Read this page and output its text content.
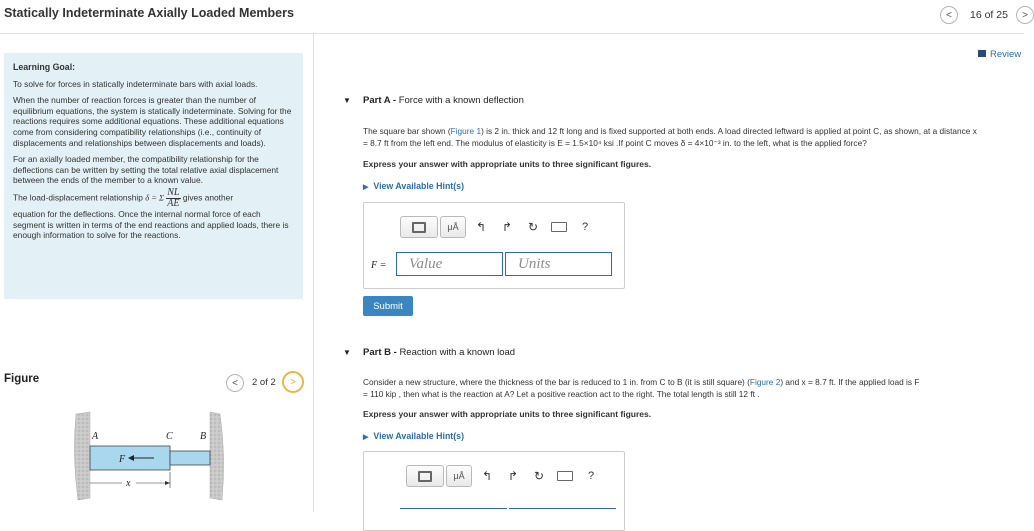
Statically Indeterminate Axially Loaded Members	< 16 of 25 >
Review
Learning Goal:

To solve for forces in statically indeterminate bars with axial loads.

When the number of reaction forces is greater than the number of equilibrium equations, the system is statically indeterminate. Solving for the reactions requires some additional equations. These additional equations come from considering compatibility relationships (i.e., continuity of displacements and relationships between displacements and loads).

For an axially loaded member, the compatibility relationship for the deflections can be written by setting the total relative axial displacement between the ends of the member to a known value.

The load-displacement relationship δ = Σ $\frac{NL}{AE}$ gives another
equation for the deflections. Once the internal normal force of each segment is written in terms of the end reactions and applied loads, there is enough information to solve for the reactions.
Figure	< 2 of 2 >
F
A	C	B
x
▼ Part A - Force with a known deflection
The square bar shown (Figure 1) is 2 in. thick and 12 ft long and is fixed supported at both ends. A load directed leftward is applied at point C, as shown, at a distance x
= 8.7 ft from the left end. The modulus of elasticity is E = 1.5×10⁴ ksi .If point C moves δ = 4×10⁻³ in. to the left, what is the applied force?
Express your answer with appropriate units to three significant figures.
▶ View Available Hint(s)
μÅ	↰	↱	↻	?
F =	Value	Units
Submit
▼ Part B - Reaction with a known load
Consider a new structure, where the thickness of the bar is reduced to 1 in. from C to B (it is still square) (Figure 2) and x = 8.7 ft. If the applied load is F
= 110 kip , then what is the reaction at A? Let a positive reaction act to the right. The total length is still 12 ft .
Express your answer with appropriate units to three significant figures.
▶ View Available Hint(s)
μÅ	↰	↱	↻	?
